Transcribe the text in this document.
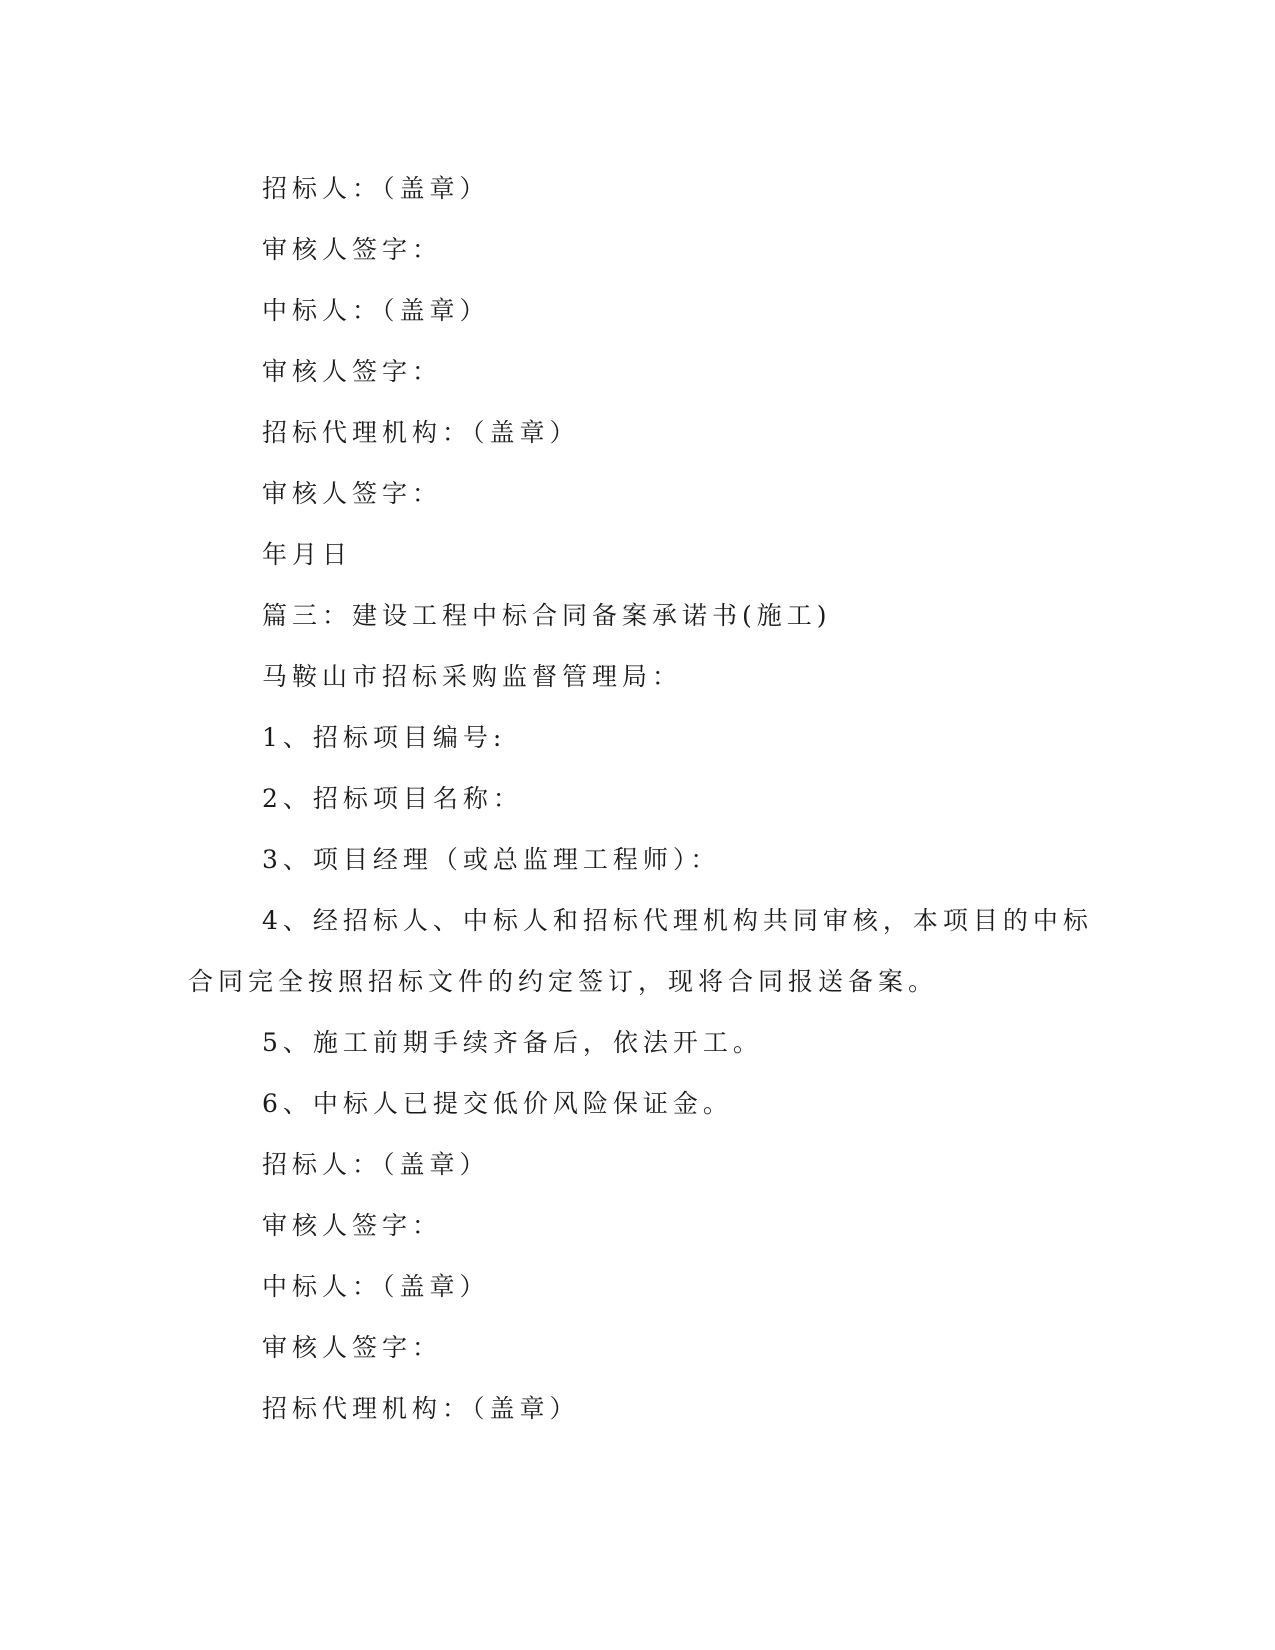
招标人：（盖章）
审核人签字：
中标人：（盖章）
审核人签字：
招标代理机构：（盖章）
审核人签字：
年月日
篇三：建设工程中标合同备案承诺书(施工)
马鞍山市招标采购监督管理局：
1、招标项目编号:
2、招标项目名称：
3、项目经理（或总监理工程师）：
4、经招标人、中标人和招标代理机构共同审核，本项目的中标
合同完全按照招标文件的约定签订，现将合同报送备案。
5、施工前期手续齐备后，依法开工。
6、中标人已提交低价风险保证金。
招标人：（盖章）
审核人签字：
中标人：（盖章）
审核人签字：
招标代理机构：（盖章）
